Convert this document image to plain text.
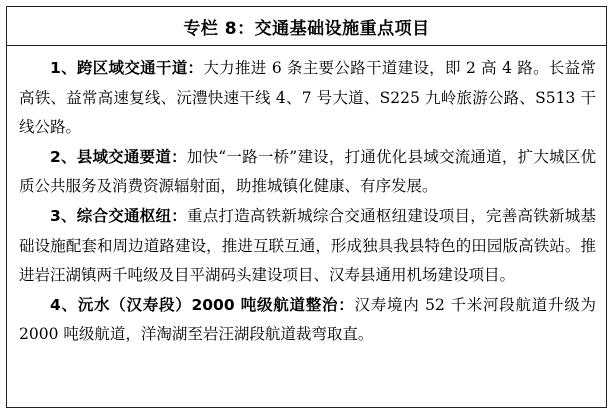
专栏 8：交通基础设施重点项目

1、跨区域交通干道：大力推进 6 条主要公路干道建设，即 2 高 4 路。长益常高铁、益常高速复线、沅澧快速干线 4、7 号大道、S225 九岭旅游公路、S513 干线公路。

2、县域交通要道：加快“一路一桥”建设，打通优化县域交流通道，扩大城区优质公共服务及消费资源辐射面，助推城镇化健康、有序发展。

3、综合交通枢纽：重点打造高铁新城综合交通枢纽建设项目，完善高铁新城基础设施配套和周边道路建设，推进互联互通，形成独具我县特色的田园版高铁站。推进岩汪湖镇两千吨级及目平湖码头建设项目、汉寿县通用机场建设项目。

4、沅水（汉寿段）2000 吨级航道整治：汉寿境内 52 千米河段航道升级为 2000 吨级航道，洋淘湖至岩汪湖段航道裁弯取直。
